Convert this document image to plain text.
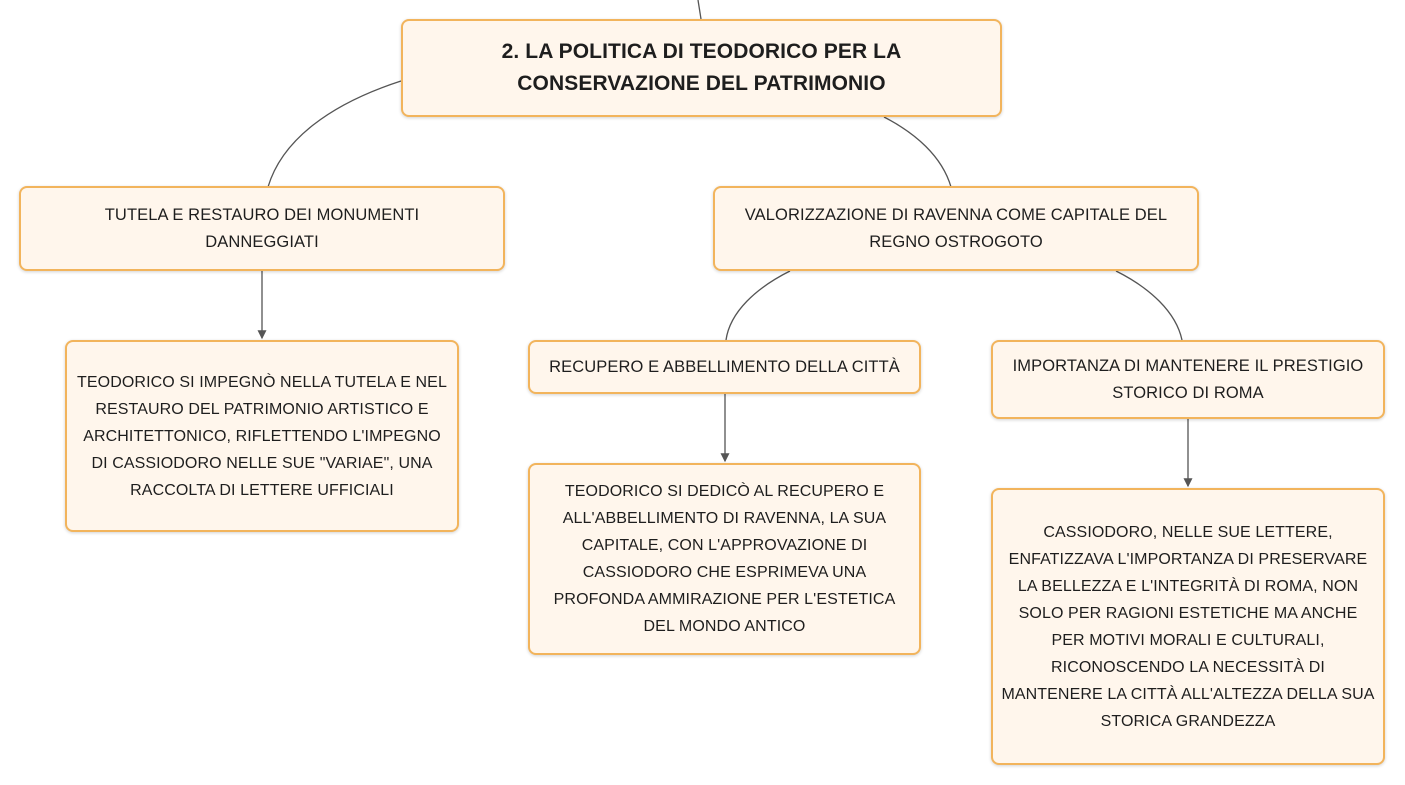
2. LA POLITICA DI TEODORICO PER LA CONSERVAZIONE DEL PATRIMONIO
TUTELA E RESTAURO DEI MONUMENTI DANNEGGIATI
VALORIZZAZIONE DI RAVENNA COME CAPITALE DEL REGNO OSTROGOTO
TEODORICO SI IMPEGNÒ NELLA TUTELA E NEL RESTAURO DEL PATRIMONIO ARTISTICO E ARCHITETTONICO, RIFLETTENDO L'IMPEGNO DI CASSIODORO NELLE SUE "VARIAE", UNA RACCOLTA DI LETTERE UFFICIALI
RECUPERO E ABBELLIMENTO DELLA CITTÀ	IMPORTANZA DI MANTENERE IL PRESTIGIO STORICO DI ROMA
TEODORICO SI DEDICÒ AL RECUPERO E ALL'ABBELLIMENTO DI RAVENNA, LA SUA CAPITALE, CON L'APPROVAZIONE DI CASSIODORO CHE ESPRIMEVA UNA PROFONDA AMMIRAZIONE PER L'ESTETICA DEL MONDO ANTICO
CASSIODORO, NELLE SUE LETTERE, ENFATIZZAVA L'IMPORTANZA DI PRESERVARE LA BELLEZZA E L'INTEGRITÀ DI ROMA, NON SOLO PER RAGIONI ESTETICHE MA ANCHE PER MOTIVI MORALI E CULTURALI, RICONOSCENDO LA NECESSITÀ DI MANTENERE LA CITTÀ ALL'ALTEZZA DELLA SUA STORICA GRANDEZZA
